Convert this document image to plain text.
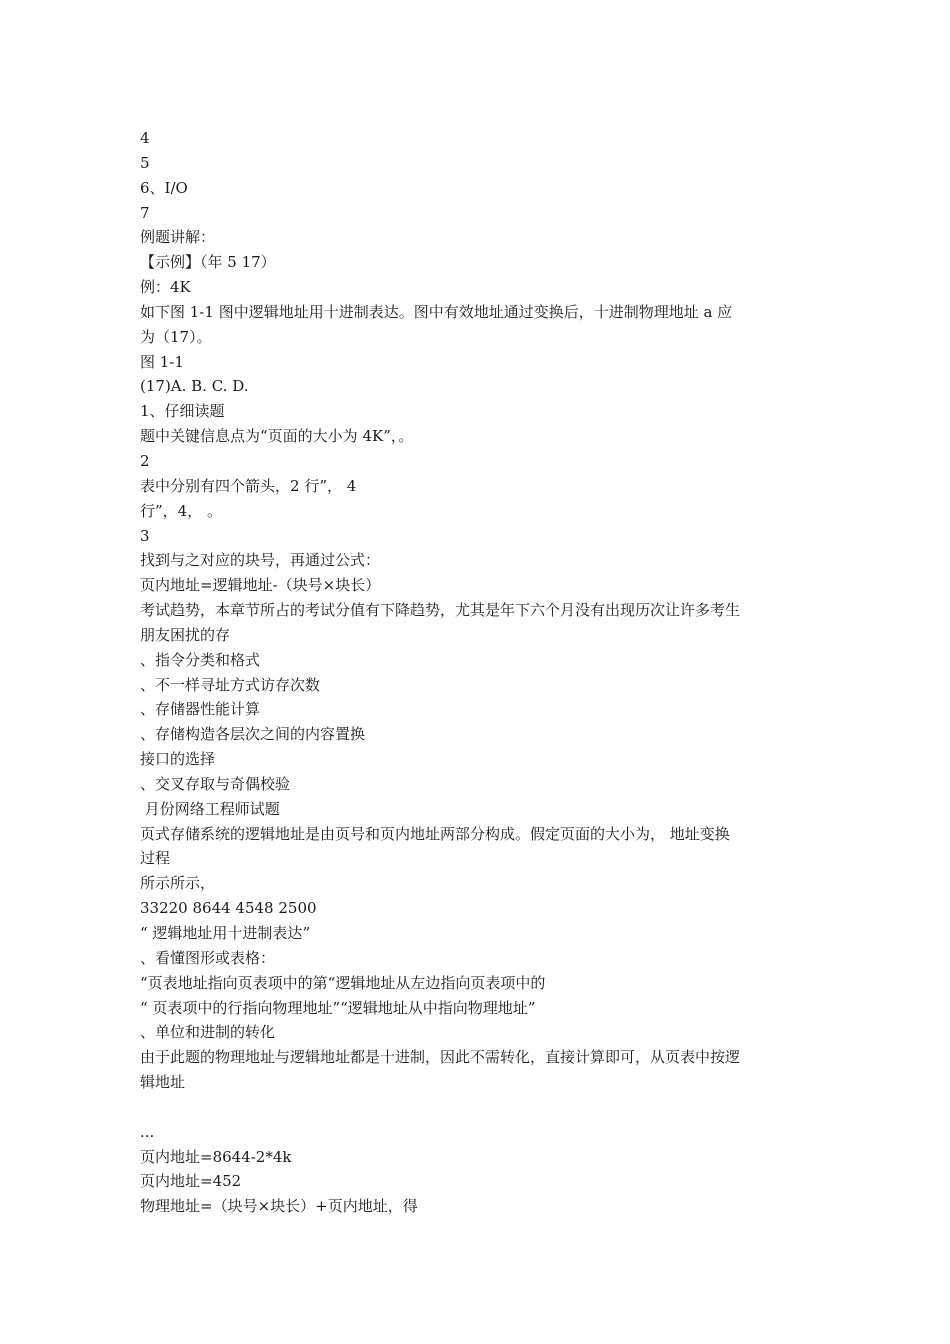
4
5
6、I/O
7
例题讲解：
【示例】（年 5 17）
例：4K
如下图 1-1 图中逻辑地址用十进制表达。图中有效地址通过变换后，十进制物理地址 a 应
为（17）。
图 1-1
(17)A. B. C. D.
1、仔细读题
题中关键信息点为“页面的大小为 4K”，。
2
表中分别有四个箭头，2 行”， 4
行”，4， 。
3
找到与之对应的块号，再通过公式：
页内地址=逻辑地址-（块号×块长）
考试趋势，本章节所占的考试分值有下降趋势，尤其是年下六个月没有出现历次让许多考生
朋友困扰的存
、指令分类和格式
、不一样寻址方式访存次数
、存储器性能计算
、存储构造各层次之间的内容置换
接口的选择
、交叉存取与奇偶校验
月份网络工程师试题
页式存储系统的逻辑地址是由页号和页内地址两部分构成。假定页面的大小为， 地址变换
过程
所示所示，
33220 8644 4548 2500
“ 逻辑地址用十进制表达”
、看懂图形或表格：
“页表地址指向页表项中的第“逻辑地址从左边指向页表项中的
“ 页表项中的行指向物理地址”“逻辑地址从中指向物理地址”
、单位和进制的转化
由于此题的物理地址与逻辑地址都是十进制，因此不需转化，直接计算即可，从页表中按逻
辑地址
...
页内地址=8644-2*4k
页内地址=452
物理地址=（块号×块长）+页内地址，得
